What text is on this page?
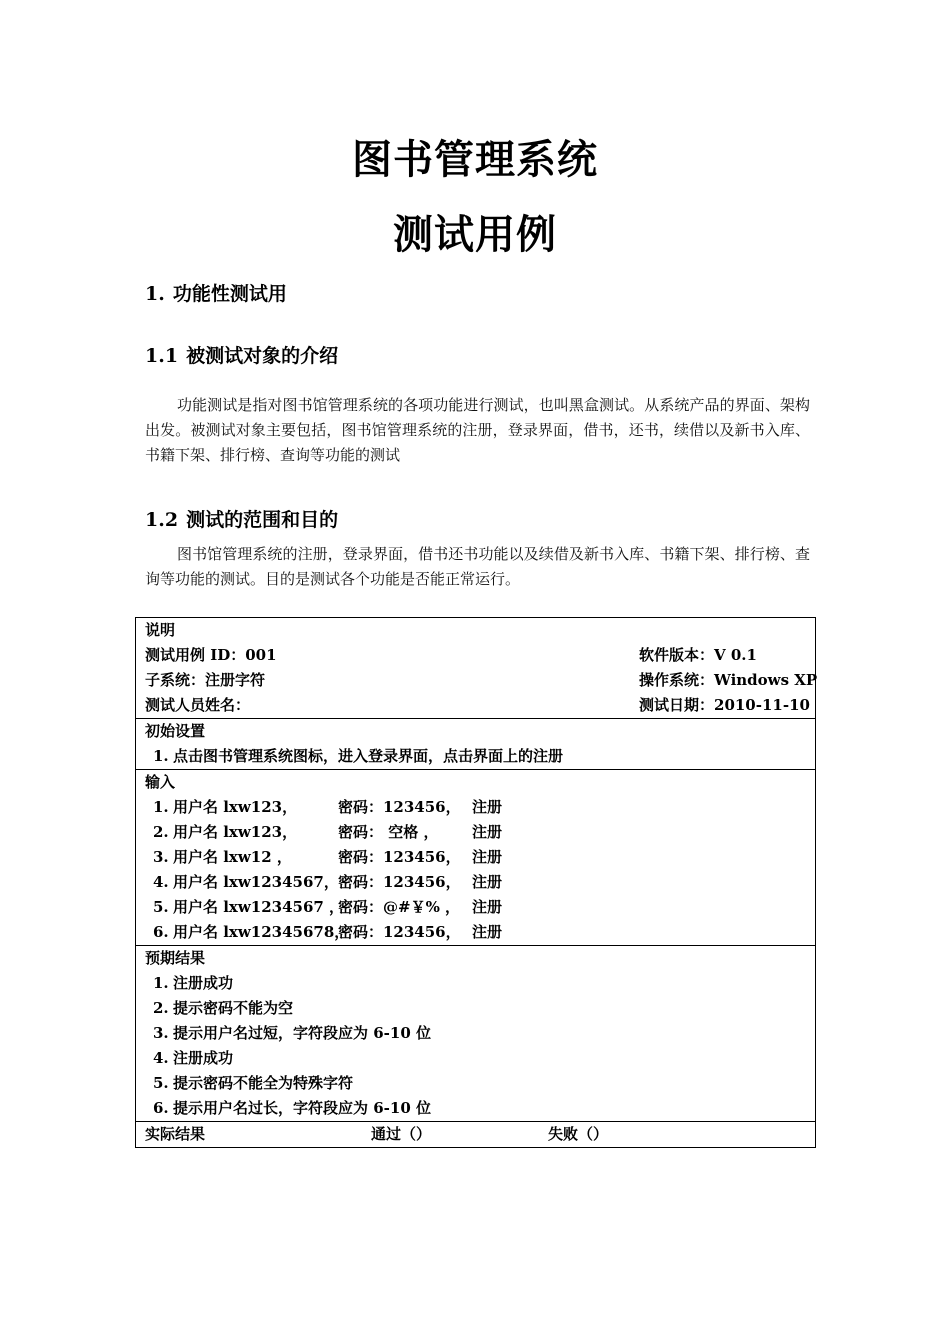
图书管理系统
测试用例
1. 功能性测试用
1.1 被测试对象的介绍

功能测试是指对图书馆管理系统的各项功能进行测试，也叫黑盒测试。从系统产品的界面、架构出发。被测试对象主要包括，图书馆管理系统的注册，登录界面，借书，还书，续借以及新书入库、书籍下架、排行榜、查询等功能的测试

1.2 测试的范围和目的

图书馆管理系统的注册，登录界面，借书还书功能以及续借及新书入库、书籍下架、排行榜、查询等功能的测试。目的是测试各个功能是否能正常运行。

说明
测试用例 ID：001	软件版本：V 0.1
子系统：注册字符	操作系统：Windows XP
测试人员姓名：	测试日期：2010-11-10
初始设置
1. 点击图书管理系统图标，进入登录界面，点击界面上的注册
输入
1. 用户名 lxw123，	密码：123456， 注册
2. 用户名 lxw123，	密码： 空格 ， 注册
3. 用户名 lxw12 ，	密码：123456， 注册
4. 用户名 lxw1234567，密码：123456， 注册
5. 用户名 lxw1234567 ，密码：@#￥% ， 注册
6. 用户名 lxw12345678，密码：123456， 注册
预期结果
1. 注册成功
2. 提示密码不能为空
3. 提示用户名过短，字符段应为 6-10 位
4. 注册成功
5. 提示密码不能全为特殊字符
6. 提示用户名过长，字符段应为 6-10 位
实际结果	通过（）	失败（）
